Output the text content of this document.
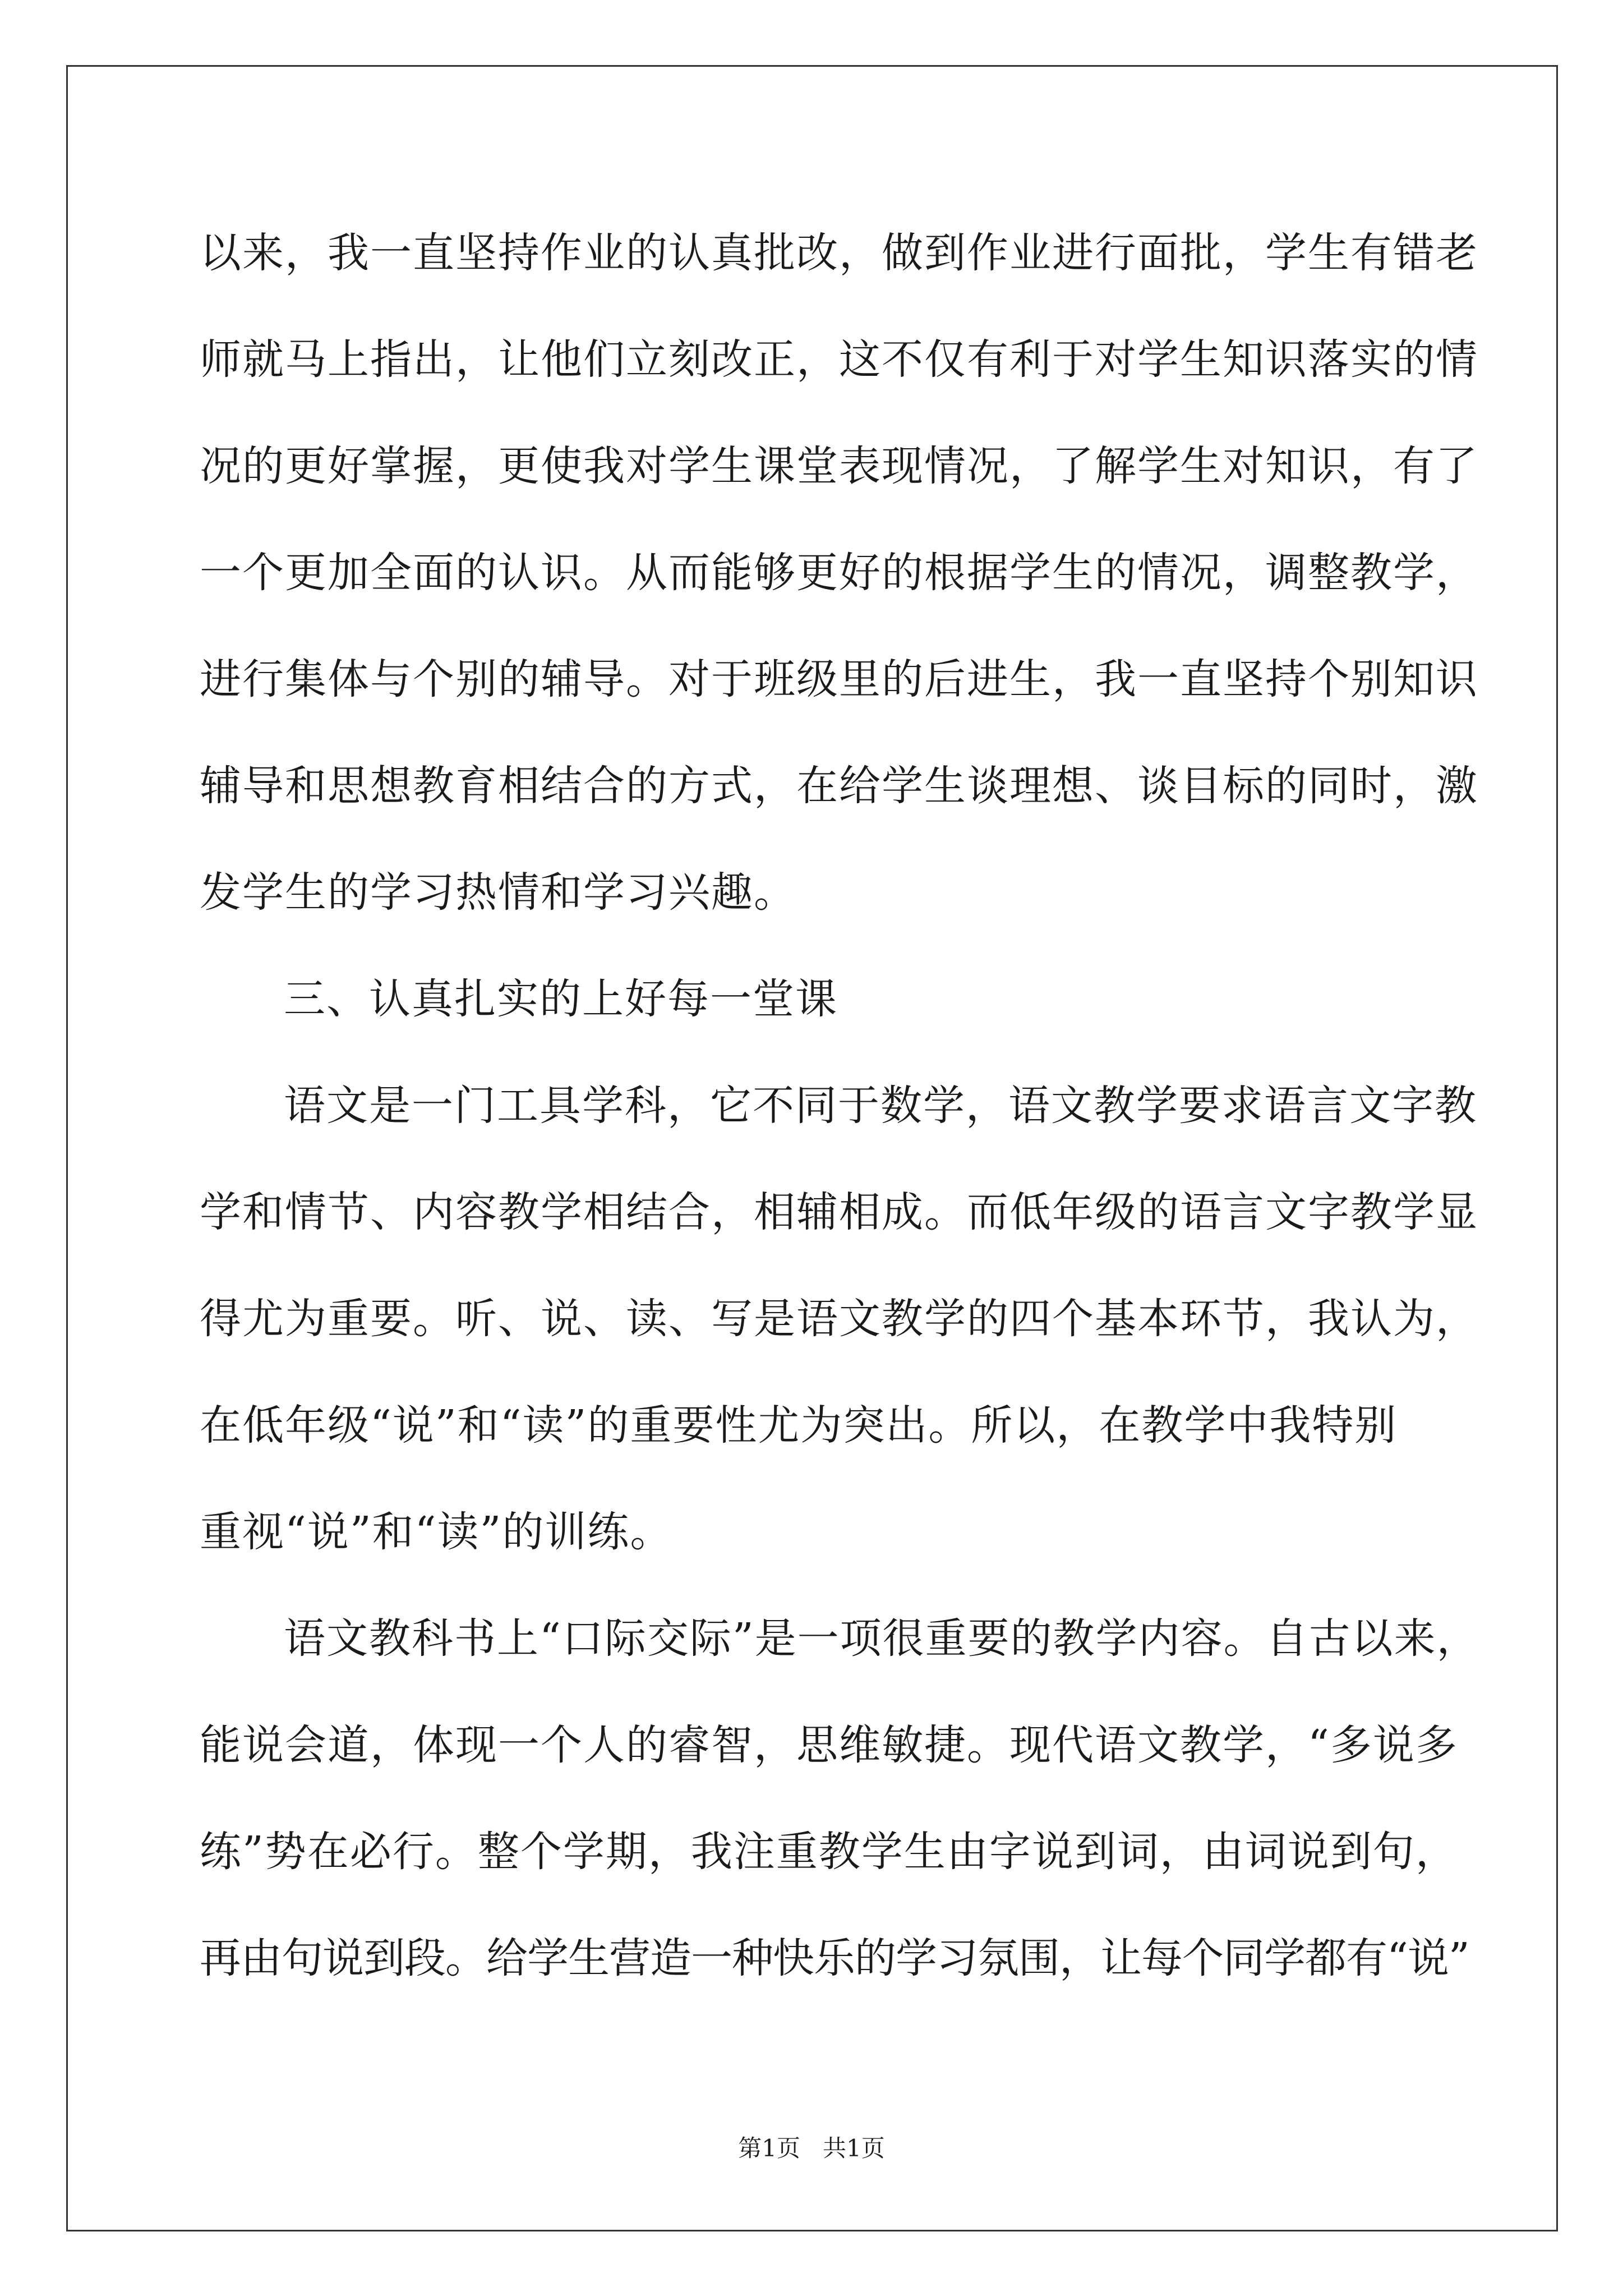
以来，我一直坚持作业的认真批改，做到作业进行面批，学生有错老
师就马上指出，让他们立刻改正，这不仅有利于对学生知识落实的情
况的更好掌握，更使我对学生课堂表现情况，了解学生对知识，有了
一个更加全面的认识。从而能够更好的根据学生的情况，调整教学，
进行集体与个别的辅导。对于班级里的后进生，我一直坚持个别知识
辅导和思想教育相结合的方式，在给学生谈理想、谈目标的同时，激
发学生的学习热情和学习兴趣。
三、认真扎实的上好每一堂课
语文是一门工具学科，它不同于数学，语文教学要求语言文字教
学和情节、内容教学相结合，相辅相成。而低年级的语言文字教学显
得尤为重要。听、说、读、写是语文教学的四个基本环节，我认为，
在低年级“说”和“读”的重要性尤为突出。所以，在教学中我特别
重视“说”和“读”的训练。
语文教科书上“口际交际”是一项很重要的教学内容。自古以来，
能说会道，体现一个人的睿智，思维敏捷。现代语文教学，“多说多
练”势在必行。整个学期，我注重教学生由字说到词，由词说到句，
再由句说到段。给学生营造一种快乐的学习氛围，让每个同学都有“说”
第1页 共1页
